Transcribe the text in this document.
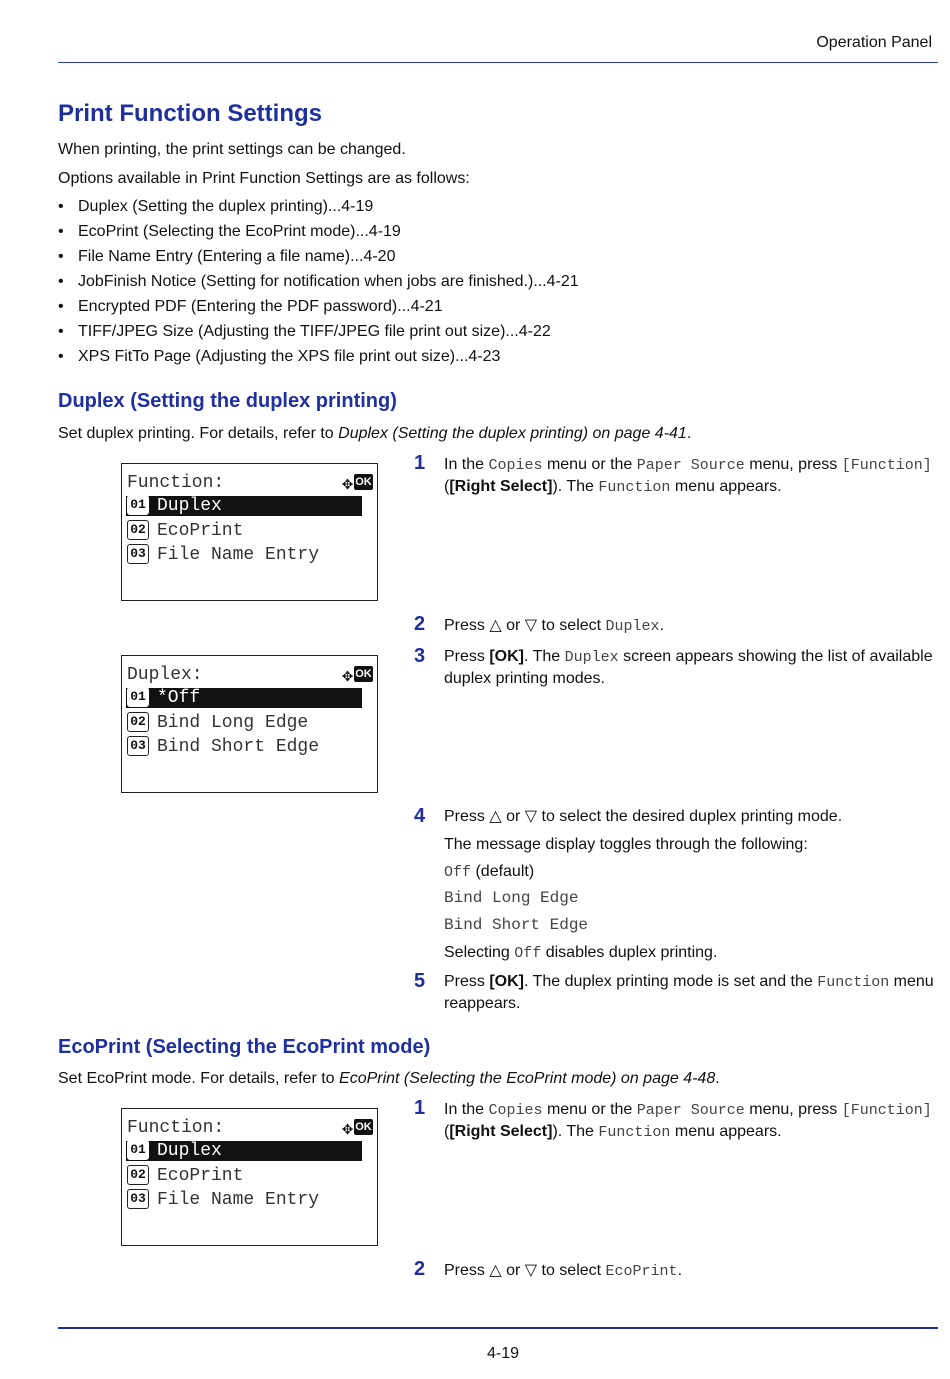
Operation Panel
Print Function Settings

When printing, the print settings can be changed.

Options available in Print Function Settings are as follows:

• Duplex (Setting the duplex printing)...4-19
• EcoPrint (Selecting the EcoPrint mode)...4-19
• File Name Entry (Entering a file name)...4-20
• JobFinish Notice (Setting for notification when jobs are finished.)...4-21
• Encrypted PDF (Entering the PDF password)...4-21
• TIFF/JPEG Size (Adjusting the TIFF/JPEG file print out size)...4-22
• XPS FitTo Page (Adjusting the XPS file print out size)...4-23
Duplex (Setting the duplex printing)

Set duplex printing. For details, refer to Duplex (Setting the duplex printing) on page 4-41.

Function:	✥ OK
01 Duplex
02 EcoPrint
03 File Name Entry
Duplex:	✥ OK
01 *Off
02 Bind Long Edge
03 Bind Short Edge
1	In the Copies menu or the Paper Source menu, press [Function] ([Right Select]). The Function menu appears.
2	Press △ or ▽ to select Duplex.
3	Press [OK]. The Duplex screen appears showing the list of available duplex printing modes.
4	Press △ or ▽ to select the desired duplex printing mode.
The message display toggles through the following:
Off (default)
Bind Long Edge
Bind Short Edge
Selecting Off disables duplex printing.
5	Press [OK]. The duplex printing mode is set and the Function menu reappears.
EcoPrint (Selecting the EcoPrint mode)

Set EcoPrint mode. For details, refer to EcoPrint (Selecting the EcoPrint mode) on page 4-48.

Function:	✥ OK
01 Duplex
02 EcoPrint
03 File Name Entry
1	In the Copies menu or the Paper Source menu, press [Function] ([Right Select]). The Function menu appears.
2	Press △ or ▽ to select EcoPrint.
4-19
